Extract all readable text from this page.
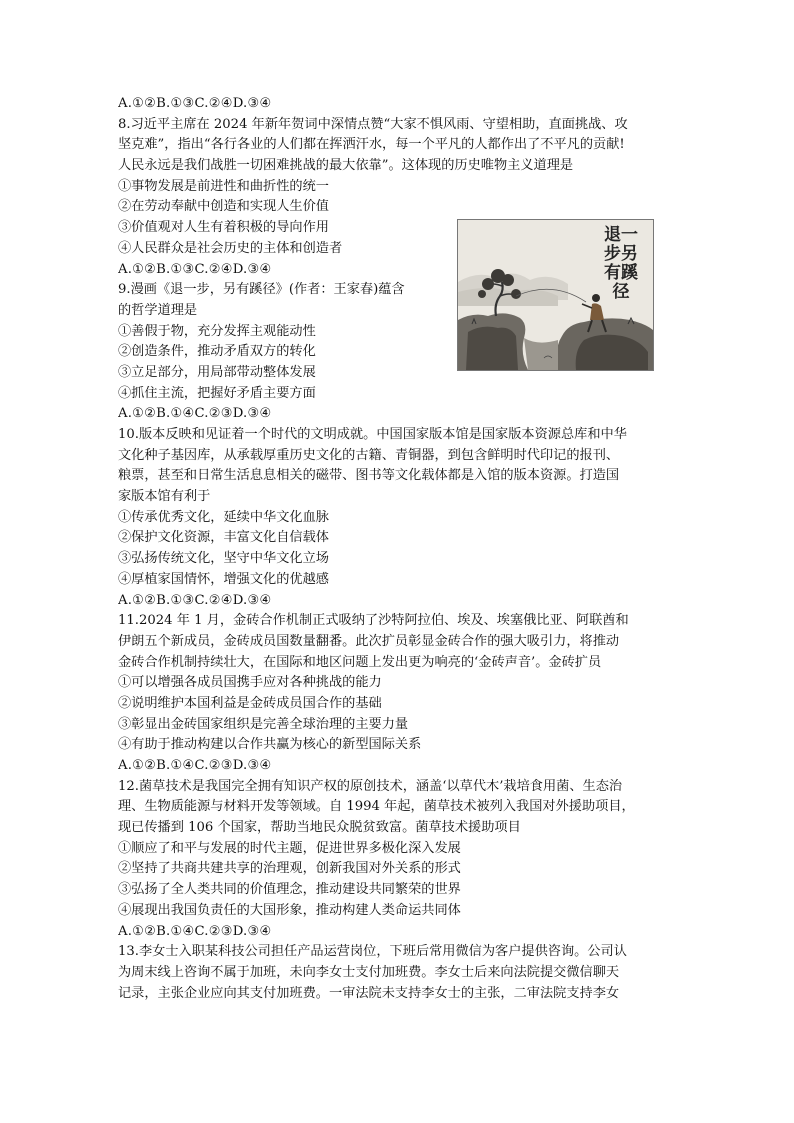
A.①②B.①③C.②④D.③④
8.习近平主席在 2024 年新年贺词中深情点赞“大家不惧风雨、守望相助，直面挑战、攻
坚克难”，指出“各行各业的人们都在挥洒汗水，每一个平凡的人都作出了不平凡的贡献!
人民永远是我们战胜一切困难挑战的最大依靠”。这体现的历史唯物主义道理是
①事物发展是前进性和曲折性的统一
②在劳动奉献中创造和实现人生价值
③价值观对人生有着积极的导向作用
④人民群众是社会历史的主体和创造者
A.①②B.①③C.②④D.③④
9.漫画《退一步，另有蹊径》(作者：王家春)蕴含
的哲学道理是
①善假于物，充分发挥主观能动性
②创造条件，推动矛盾双方的转化
③立足部分，用局部带动整体发展
④抓住主流，把握好矛盾主要方面
A.①②B.①④C.②③D.③④
10.版本反映和见证着一个时代的文明成就。中国国家版本馆是国家版本资源总库和中华
文化种子基因库，从承载厚重历史文化的古籍、青铜器，到包含鲜明时代印记的报刊、
粮票，甚至和日常生活息息相关的磁带、图书等文化载体都是入馆的版本资源。打造国
家版本馆有利于
①传承优秀文化，延续中华文化血脉
②保护文化资源，丰富文化自信载体
③弘扬传统文化，坚守中华文化立场
④厚植家国情怀，增强文化的优越感
A.①②B.①③C.②④D.③④
11.2024 年 1 月，金砖合作机制正式吸纳了沙特阿拉伯、埃及、埃塞俄比亚、阿联酋和
伊朗五个新成员，金砖成员国数量翻番。此次扩员彰显金砖合作的强大吸引力，将推动
金砖合作机制持续壮大，在国际和地区问题上发出更为响亮的‘金砖声音’。金砖扩员
①可以增强各成员国携手应对各种挑战的能力
②说明维护本国利益是金砖成员国合作的基础
③彰显出金砖国家组织是完善全球治理的主要力量
④有助于推动构建以合作共赢为核心的新型国际关系
A.①②B.①④C.②③D.③④
12.菌草技术是我国完全拥有知识产权的原创技术，涵盖‘以草代木’栽培食用菌、生态治
理、生物质能源与材料开发等领域。自 1994 年起，菌草技术被列入我国对外援助项目，
现已传播到 106 个国家，帮助当地民众脱贫致富。菌草技术援助项目
①顺应了和平与发展的时代主题，促进世界多极化深入发展
②坚持了共商共建共享的治理观，创新我国对外关系的形式
③弘扬了全人类共同的价值理念，推动建设共同繁荣的世界
④展现出我国负责任的大国形象，推动构建人类命运共同体
A.①②B.①④C.②③D.③④
13.李女士入职某科技公司担任产品运营岗位，下班后常用微信为客户提供咨询。公司认
为周末线上咨询不属于加班，未向李女士支付加班费。李女士后来向法院提交微信聊天
记录，主张企业应向其支付加班费。一审法院未支持李女士的主张，二审法院支持李女
退一步另有蹊径
